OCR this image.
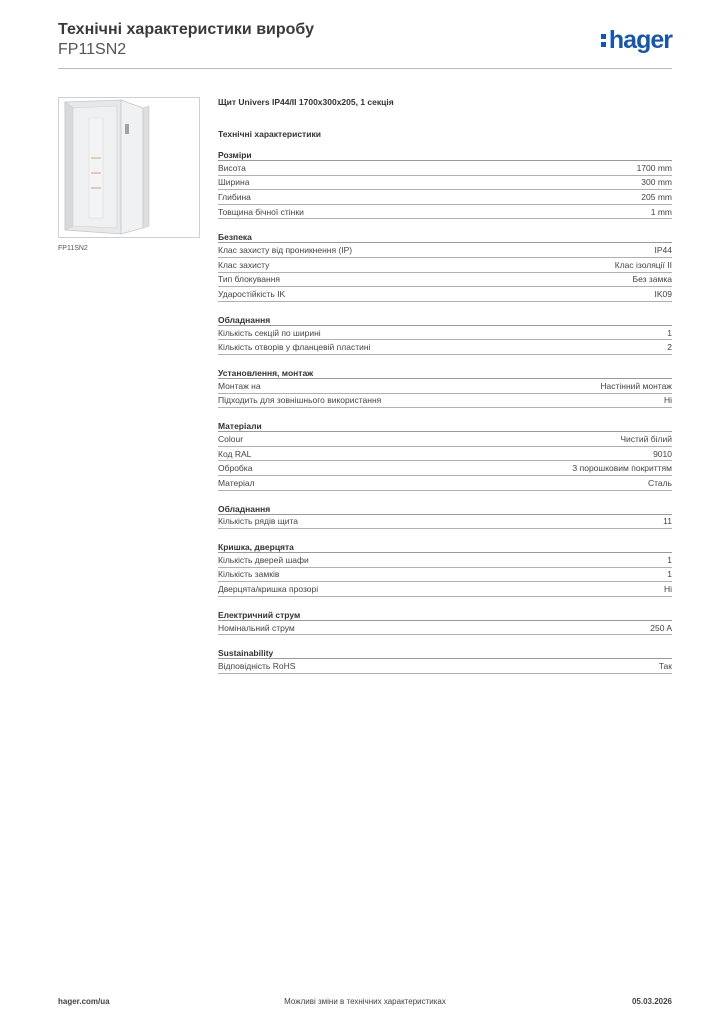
Технічні характеристики виробу
FP11SN2	hager
FP11SN2
Щит Univers IP44/II 1700x300x205, 1 секція
Технічні характеристики
Розміри
Висота	1700 mm
Ширина	300 mm
Глибина	205 mm
Товщина бічної стінки	1 mm
Безпека
Клас захисту від проникнення (IP)	IP44
Клас захисту	Клас ізоляції II
Тип блокування	Без замка
Ударостійкість IK	IK09
Обладнання
Кількість секцій по ширині	1
Кількість отворів у фланцевій пластині	2
Установлення, монтаж
Монтаж на	Настінний монтаж
Підходить для зовнішнього використання	Ні
Матеріали
Colour	Чистий білий
Код RAL	9010
Обробка	З порошковим покриттям
Матеріал	Сталь
Обладнання
Кількість рядів щита	11
Кришка, дверцята
Кількість дверей шафи	1
Кількість замків	1
Дверцята/кришка прозорі	Ні
Електричний струм
Номінальний струм	250 A
Sustainability
Відповідність RoHS	Так
hager.com/ua	Можливі зміни в технічних характеристиках	05.03.2026
